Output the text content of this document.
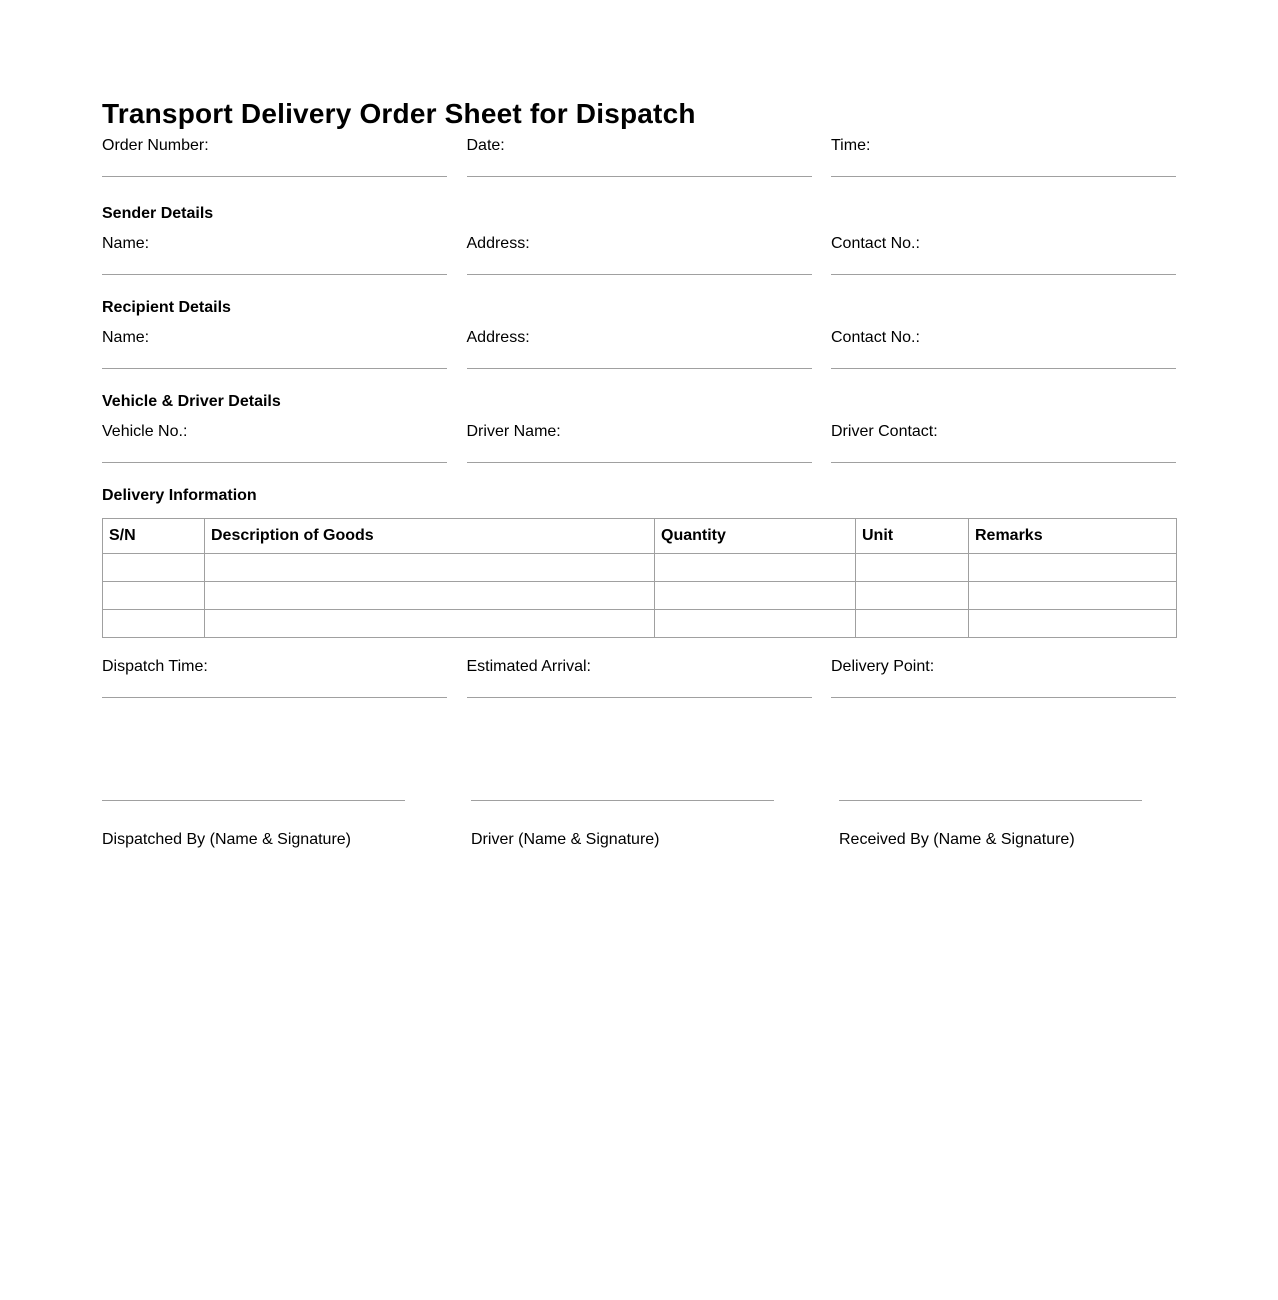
Transport Delivery Order Sheet for Dispatch
Order Number:	Date:	Time:
Sender Details
Name:	Address:	Contact No.:
Recipient Details
Name:	Address:	Contact No.:
Vehicle & Driver Details
Vehicle No.:	Driver Name:	Driver Contact:
Delivery Information
S/N	Description of Goods	Quantity	Unit	Remarks

Dispatch Time:	Estimated Arrival:	Delivery Point:
Dispatched By (Name & Signature)	Driver (Name & Signature)	Received By (Name & Signature)
